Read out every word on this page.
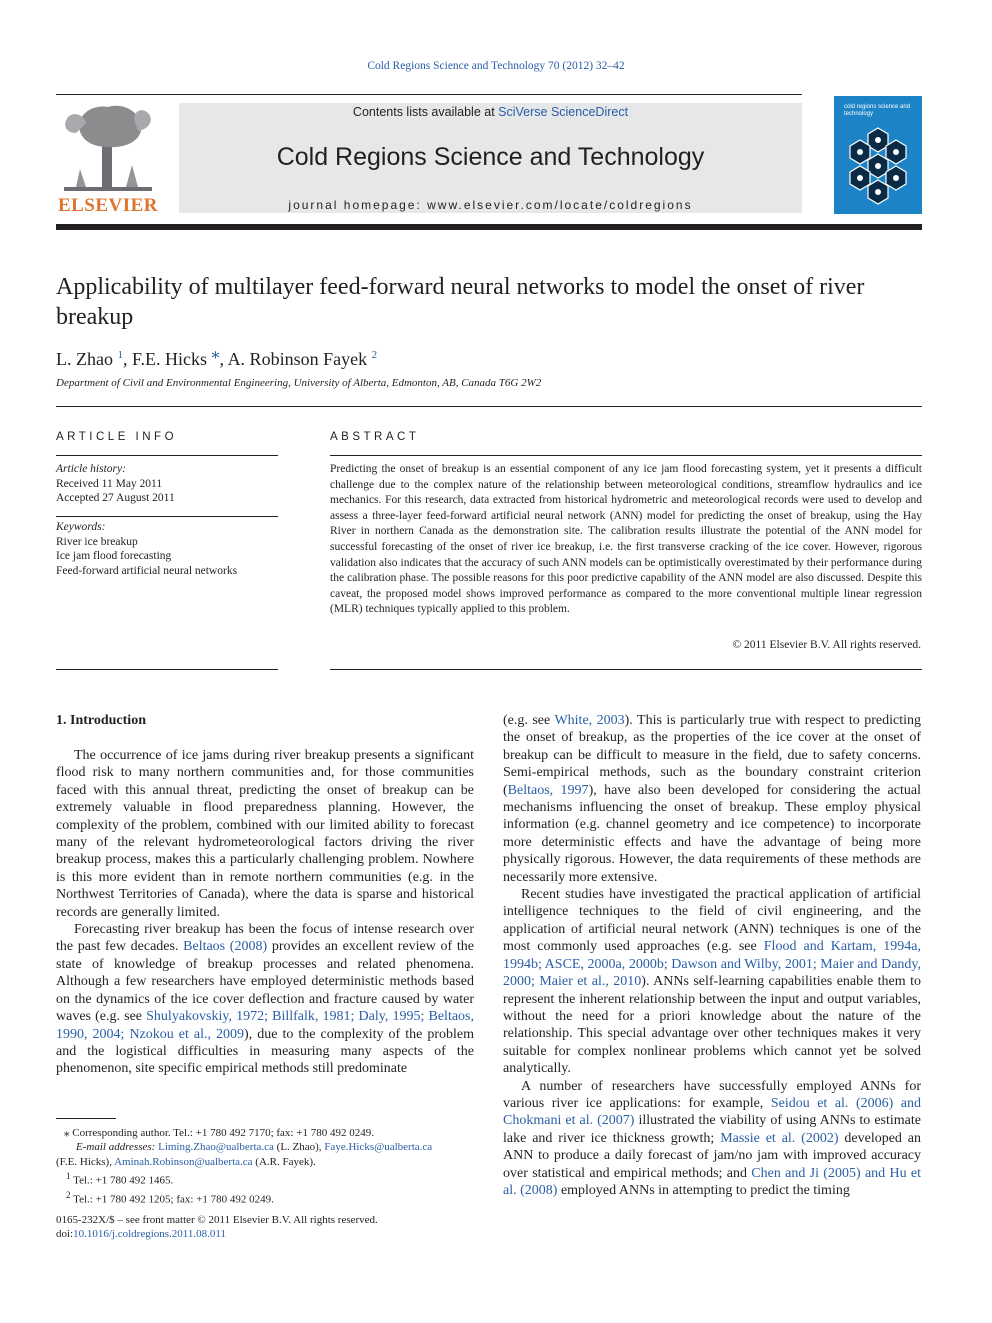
Cold Regions Science and Technology 70 (2012) 32–42
ELSEVIER
Contents lists available at SciVerse ScienceDirect
Cold Regions Science and Technology
journal homepage: www.elsevier.com/locate/coldregions
cold regions science and technology
Applicability of multilayer feed-forward neural networks to model the onset of river breakup
L. Zhao $^1$, F.E. Hicks ⁎, A. Robinson Fayek $^2$
Department of Civil and Environmental Engineering, University of Alberta, Edmonton, AB, Canada T6G 2W2
ARTICLE INFO
Article history:
Received 11 May 2011
Accepted 27 August 2011
Keywords:
River ice breakup
Ice jam flood forecasting
Feed-forward artificial neural networks
ABSTRACT
Predicting the onset of breakup is an essential component of any ice jam flood forecasting system, yet it presents a difficult challenge due to the complex nature of the relationship between meteorological conditions, streamflow hydraulics and ice mechanics. For this research, data extracted from historical hydrometric and meteorological records were used to develop and assess a three-layer feed-forward artificial neural network (ANN) model for predicting the onset of breakup, using the Hay River in northern Canada as the demonstration site. The calibration results illustrate the potential of the ANN model for successful forecasting of the onset of river ice breakup, i.e. the first transverse cracking of the ice cover. However, rigorous validation also indicates that the accuracy of such ANN models can be optimistically overestimated by their performance during the calibration phase. The possible reasons for this poor predictive capability of the ANN model are also discussed. Despite this caveat, the proposed model shows improved performance as compared to the more conventional multiple linear regression (MLR) techniques typically applied to this problem.
© 2011 Elsevier B.V. All rights reserved.
1. Introduction

The occurrence of ice jams during river breakup presents a significant flood risk to many northern communities and, for those communities faced with this annual threat, predicting the onset of breakup can be extremely valuable in flood preparedness planning. However, the complexity of the problem, combined with our limited ability to forecast many of the relevant hydrometeorological factors driving the river breakup process, makes this a particularly challenging problem. Nowhere is this more evident than in remote northern communities (e.g. in the Northwest Territories of Canada), where the data is sparse and historical records are generally limited.

Forecasting river breakup has been the focus of intense research over the past few decades. Beltaos (2008) provides an excellent review of the state of knowledge of breakup processes and related phenomena. Although a few researchers have employed deterministic methods based on the dynamics of the ice cover deflection and fracture caused by water waves (e.g. see Shulyakovskiy, 1972; Billfalk, 1981; Daly, 1995; Beltaos, 1990, 2004; Nzokou et al., 2009), due to the complexity of the problem and the logistical difficulties in measuring many aspects of the phenomenon, site specific empirical methods still predominate

(e.g. see White, 2003). This is particularly true with respect to predicting the onset of breakup, as the properties of the ice cover at the onset of breakup can be difficult to measure in the field, due to safety concerns. Semi-empirical methods, such as the boundary constraint criterion (Beltaos, 1997), have also been developed for considering the actual mechanisms influencing the onset of breakup. These employ physical information (e.g. channel geometry and ice competence) to incorporate more deterministic effects and have the advantage of being more physically rigorous. However, the data requirements of these methods are necessarily more extensive.

Recent studies have investigated the practical application of artificial intelligence techniques to the field of civil engineering, and the application of artificial neural network (ANN) techniques is one of the most commonly used approaches (e.g. see Flood and Kartam, 1994a, 1994b; ASCE, 2000a, 2000b; Dawson and Wilby, 2001; Maier and Dandy, 2000; Maier et al., 2010). ANNs self-learning capabilities enable them to represent the inherent relationship between the input and output variables, without the need for a priori knowledge about the nature of the relationship. This special advantage over other techniques makes it very suitable for complex nonlinear problems which cannot yet be solved analytically.

A number of researchers have successfully employed ANNs for various river ice applications: for example, Seidou et al. (2006) and Chokmani et al. (2007) illustrated the viability of using ANNs to estimate lake and river ice thickness growth; Massie et al. (2002) developed an ANN to produce a daily forecast of jam/no jam with improved accuracy over statistical and empirical methods; and Chen and Ji (2005) and Hu et al. (2008) employed ANNs in attempting to predict the timing

⁎ Corresponding author. Tel.: +1 780 492 7170; fax: +1 780 492 0249.
E-mail addresses: Liming.Zhao@ualberta.ca (L. Zhao), Faye.Hicks@ualberta.ca
(F.E. Hicks), Aminah.Robinson@ualberta.ca (A.R. Fayek).
$^1$ Tel.: +1 780 492 1465.
$^2$ Tel.: +1 780 492 1205; fax: +1 780 492 0249.
0165-232X/$ – see front matter © 2011 Elsevier B.V. All rights reserved.
doi:10.1016/j.coldregions.2011.08.011
